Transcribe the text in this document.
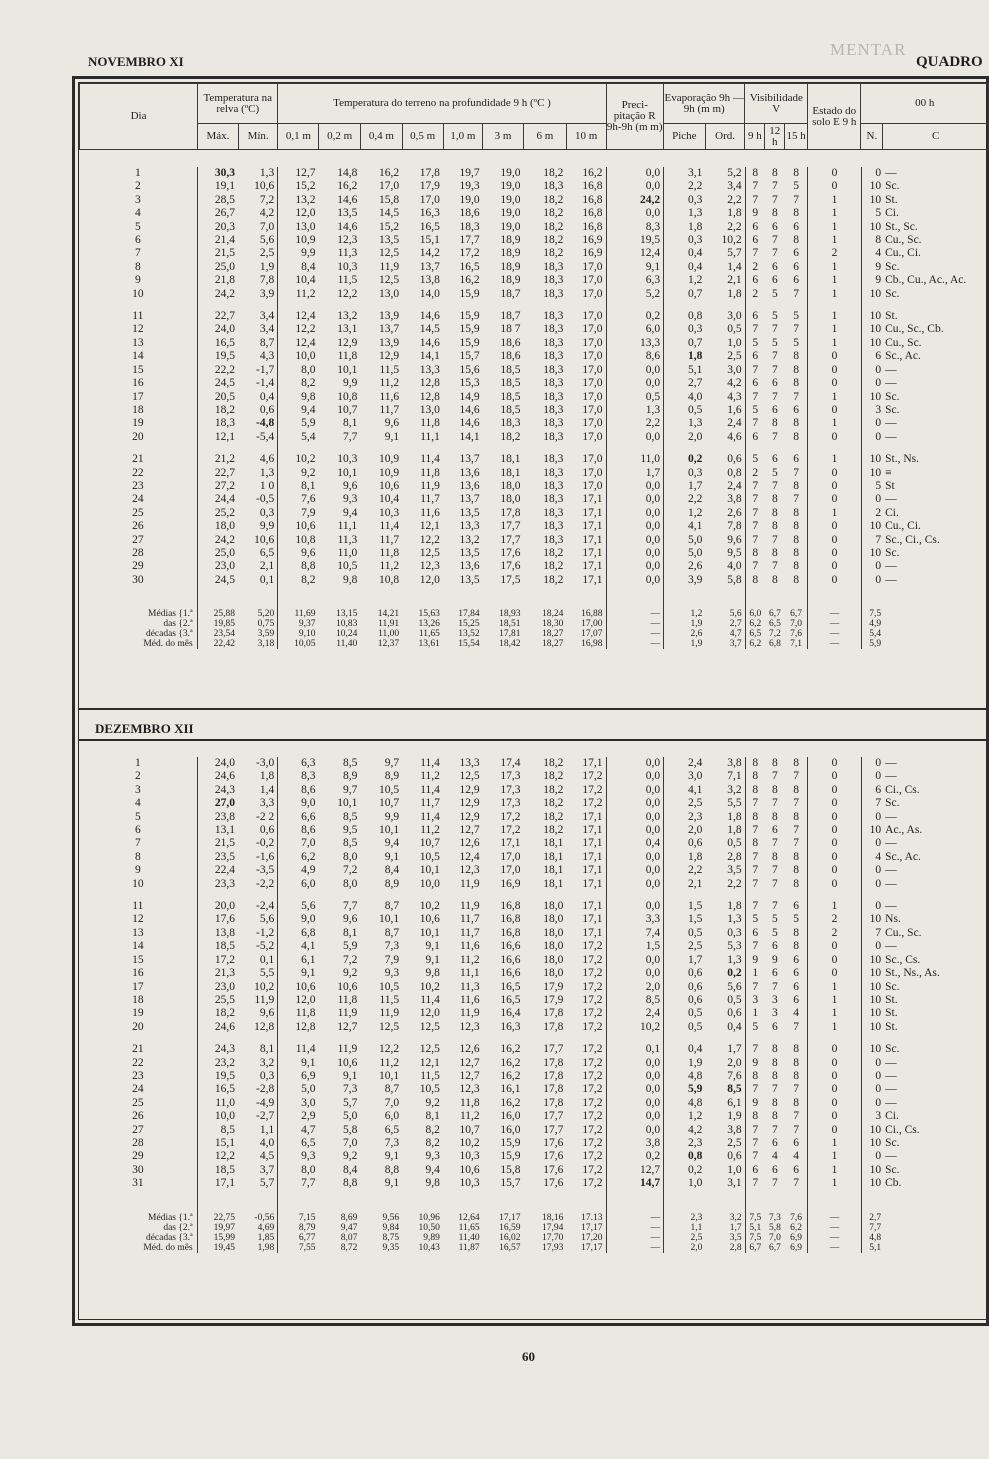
MENTAR
NOVEMBRO XI	QUADRO
Dia	Temperatura na relva (ºC)		Temperatura do terreno na profundidade 9 h (ºC )								Preci-pitação R 9h-9h (m m)	Evaporação 9h — 9h (m m)		Visibilidade V			Estado do solo E 9 h	00 h	
	Máx.	Mín.	0,1 m	0,2 m	0,4 m	0,5 m	1,0 m	3 m	6 m	10 m		Piche	Ord.	9 h	12 h	15 h		N.	C
1	30,3	1,3	12,7	14,8	16,2	17,8	19,7	19,0	18,2	16,2	0,0	3,1	5,2	8	8	8	0	0	—
2	19,1	10,6	15,2	16,2	17,0	17,9	19,3	19,0	18,3	16,8	0,0	2,2	3,4	7	7	5	0	10	Sc.
3	28,5	7,2	13,2	14,6	15,8	17,0	19,0	19,0	18,2	16,8	24,2	0,3	2,2	7	7	7	1	10	St.
4	26,7	4,2	12,0	13,5	14,5	16,3	18,6	19,0	18,2	16,8	0,0	1,3	1,8	9	8	8	1	5	Ci.
5	20,3	7,0	13,0	14,6	15,2	16,5	18,3	19,0	18,2	16,8	8,3	1,8	2,2	6	6	6	1	10	St., Sc.
6	21,4	5,6	10,9	12,3	13,5	15,1	17,7	18,9	18,2	16,9	19,5	0,3	10,2	6	7	8	1	8	Cu., Sc.
7	21,5	2,5	9,9	11,3	12,5	14,2	17,2	18,9	18,2	16,9	12,4	0,4	5,7	7	7	6	2	4	Cu., Ci.
8	25,0	1,9	8,4	10,3	11,9	13,7	16,5	18,9	18,3	17,0	9,1	0,4	1,4	2	6	6	1	9	Sc.
9	21,8	7,8	10,4	11,5	12,5	13,8	16,2	18,9	18,3	17,0	6,3	1,2	2,1	6	6	6	1	9	Cb., Cu., Ac., Ac.
10	24,2	3,9	11,2	12,2	13,0	14,0	15,9	18,7	18,3	17,0	5,2	0,7	1,8	2	5	7	1	10	Sc.

11	22,7	3,4	12,4	13,2	13,9	14,6	15,9	18,7	18,3	17,0	0,2	0,8	3,0	6	5	5	1	10	St.
12	24,0	3,4	12,2	13,1	13,7	14,5	15,9	18 7	18,3	17,0	6,0	0,3	0,5	7	7	7	1	10	Cu., Sc., Cb.
13	16,5	8,7	12,4	12,9	13,9	14,6	15,9	18,6	18,3	17,0	13,3	0,7	1,0	5	5	5	1	10	Cu., Sc.
14	19,5	4,3	10,0	11,8	12,9	14,1	15,7	18,6	18,3	17,0	8,6	1,8	2,5	6	7	8	0	6	Sc., Ac.
15	22,2	-1,7	8,0	10,1	11,5	13,3	15,6	18,5	18,3	17,0	0,0	5,1	3,0	7	7	8	0	0	—
16	24,5	-1,4	8,2	9,9	11,2	12,8	15,3	18,5	18,3	17,0	0,0	2,7	4,2	6	6	8	0	0	—
17	20,5	0,4	9,8	10,8	11,6	12,8	14,9	18,5	18,3	17,0	0,5	4,0	4,3	7	7	7	1	10	Sc.
18	18,2	0,6	9,4	10,7	11,7	13,0	14,6	18,5	18,3	17,0	1,3	0,5	1,6	5	6	6	0	3	Sc.
19	18,3	-4,8	5,9	8,1	9,6	11,8	14,6	18,3	18,3	17,0	2,2	1,3	2,4	7	8	8	1	0	—
20	12,1	-5,4	5,4	7,7	9,1	11,1	14,1	18,2	18,3	17,0	0,0	2,0	4,6	6	7	8	0	0	—

21	21,2	4,6	10,2	10,3	10,9	11,4	13,7	18,1	18,3	17,0	11,0	0,2	0,6	5	6	6	1	10	St., Ns.
22	22,7	1,3	9,2	10,1	10,9	11,8	13,6	18,1	18,3	17,0	1,7	0,3	0,8	2	5	7	0	10	≡
23	27,2	1 0	8,1	9,6	10,6	11,9	13,6	18,0	18,3	17,0	0,0	1,7	2,4	7	7	8	0	5	St
24	24,4	-0,5	7,6	9,3	10,4	11,7	13,7	18,0	18,3	17,1	0,0	2,2	3,8	7	8	7	0	0	—
25	25,2	0,3	7,9	9,4	10,3	11,6	13,5	17,8	18,3	17,1	0,0	1,2	2,6	7	8	8	1	2	Ci.
26	18,0	9,9	10,6	11,1	11,4	12,1	13,3	17,7	18,3	17,1	0,0	4,1	7,8	7	8	8	0	10	Cu., Ci.
27	24,2	10,6	10,8	11,3	11,7	12,2	13,2	17,7	18,3	17,1	0,0	5,0	9,6	7	7	8	0	7	Sc., Ci., Cs.
28	25,0	6,5	9,6	11,0	11,8	12,5	13,5	17,6	18,2	17,1	0,0	5,0	9,5	8	8	8	0	10	Sc.
29	23,0	2,1	8,8	10,5	11,2	12,3	13,6	17,6	18,2	17,1	0,0	2,6	4,0	7	7	8	0	0	—
30	24,5	0,1	8,2	9,8	10,8	12,0	13,5	17,5	18,2	17,1	0,0	3,9	5,8	8	8	8	0	0	—

Médias {1.ª	25,88	5,20	11,69	13,15	14,21	15,63	17,84	18,93	18,24	16,88	—	1,2	5,6	6,0	6,7	6,7	—	7,5	
das {2.ª	19,85	0,75	9,37	10,83	11,91	13,26	15,25	18,51	18,30	17,00	—	1,9	2,7	6,2	6,5	7,0	—	4,9	
décadas {3.ª	23,54	3,59	9,10	10,24	11,00	11,65	13,52	17,81	18,27	17,07	—	2,6	4,7	6,5	7,2	7,6	—	5,4	
Méd. do mês	22,42	3,18	10,05	11,40	12,37	13,61	15,54	18,42	18,27	16,98	—	1,9	3,7	6,2	6,8	7,1	—	5,9	
DEZEMBRO XII
1	24,0	-3,0	6,3	8,5	9,7	11,4	13,3	17,4	18,2	17,1	0,0	2,4	3,8	8	8	8	0	0	—
2	24,6	1,8	8,3	8,9	8,9	11,2	12,5	17,3	18,2	17,2	0,0	3,0	7,1	8	7	7	0	0	—
3	24,3	1,4	8,6	9,7	10,5	11,4	12,9	17,3	18,2	17,2	0,0	4,1	3,2	8	8	8	0	6	Ci., Cs.
4	27,0	3,3	9,0	10,1	10,7	11,7	12,9	17,3	18,2	17,2	0,0	2,5	5,5	7	7	7	0	7	Sc.
5	23,8	-2 2	6,6	8,5	9,9	11,4	12,9	17,2	18,2	17,1	0,0	2,3	1,8	8	8	8	0	0	—
6	13,1	0,6	8,6	9,5	10,1	11,2	12,7	17,2	18,2	17,1	0,0	2,0	1,8	7	6	7	0	10	Ac., As.
7	21,5	-0,2	7,0	8,5	9,4	10,7	12,6	17,1	18,1	17,1	0,4	0,6	0,5	8	7	7	0	0	—
8	23,5	-1,6	6,2	8,0	9,1	10,5	12,4	17,0	18,1	17,1	0,0	1,8	2,8	7	8	8	0	4	Sc., Ac.
9	22,4	-3,5	4,9	7,2	8,4	10,1	12,3	17,0	18,1	17,1	0,0	2,2	3,5	7	7	8	0	0	—
10	23,3	-2,2	6,0	8,0	8,9	10,0	11,9	16,9	18,1	17,1	0,0	2,1	2,2	7	7	8	0	0	—

11	20,0	-2,4	5,6	7,7	8,7	10,2	11,9	16,8	18,0	17,1	0,0	1,5	1,8	7	7	6	1	0	—
12	17,6	5,6	9,0	9,6	10,1	10,6	11,7	16,8	18,0	17,1	3,3	1,5	1,3	5	5	5	2	10	Ns.
13	13,8	-1,2	6,8	8,1	8,7	10,1	11,7	16,8	18,0	17,1	7,4	0,5	0,3	6	5	8	2	7	Cu., Sc.
14	18,5	-5,2	4,1	5,9	7,3	9,1	11,6	16,6	18,0	17,2	1,5	2,5	5,3	7	6	8	0	0	—
15	17,2	0,1	6,1	7,2	7,9	9,1	11,2	16,6	18,0	17,2	0,0	1,7	1,3	9	9	6	0	10	Sc., Cs.
16	21,3	5,5	9,1	9,2	9,3	9,8	11,1	16,6	18,0	17,2	0,0	0,6	0,2	1	6	6	0	10	St., Ns., As.
17	23,0	10,2	10,6	10,6	10,5	10,2	11,3	16,5	17,9	17,2	2,0	0,6	5,6	7	7	6	1	10	Sc.
18	25,5	11,9	12,0	11,8	11,5	11,4	11,6	16,5	17,9	17,2	8,5	0,6	0,5	3	3	6	1	10	St.
19	18,2	9,6	11,8	11,9	11,9	12,0	11,9	16,4	17,8	17,2	2,4	0,5	0,6	1	3	4	1	10	St.
20	24,6	12,8	12,8	12,7	12,5	12,5	12,3	16,3	17,8	17,2	10,2	0,5	0,4	5	6	7	1	10	St.

21	24,3	8,1	11,4	11,9	12,2	12,5	12,6	16,2	17,7	17,2	0,1	0,4	1,7	7	8	8	0	10	Sc.
22	23,2	3,2	9,1	10,6	11,2	12,1	12,7	16,2	17,8	17,2	0,0	1,9	2,0	9	8	8	0	0	—
23	19,5	0,3	6,9	9,1	10,1	11,5	12,7	16,2	17,8	17,2	0,0	4,8	7,6	8	8	8	0	0	—
24	16,5	-2,8	5,0	7,3	8,7	10,5	12,3	16,1	17,8	17,2	0,0	5,9	8,5	7	7	7	0	0	—
25	11,0	-4,9	3,0	5,7	7,0	9,2	11,8	16,2	17,8	17,2	0,0	4,8	6,1	9	8	8	0	0	—
26	10,0	-2,7	2,9	5,0	6,0	8,1	11,2	16,0	17,7	17,2	0,0	1,2	1,9	8	8	7	0	3	Ci.
27	8,5	1,1	4,7	5,8	6,5	8,2	10,7	16,0	17,7	17,2	0,0	4,2	3,8	7	7	7	0	10	Ci., Cs.
28	15,1	4,0	6,5	7,0	7,3	8,2	10,2	15,9	17,6	17,2	3,8	2,3	2,5	7	6	6	1	10	Sc.
29	12,2	4,5	9,3	9,2	9,1	9,3	10,3	15,9	17,6	17,2	0,2	0,8	0,6	7	4	4	1	0	—
30	18,5	3,7	8,0	8,4	8,8	9,4	10,6	15,8	17,6	17,2	12,7	0,2	1,0	6	6	6	1	10	Sc.
31	17,1	5,7	7,7	8,8	9,1	9,8	10,3	15,7	17,6	17,2	14,7	1,0	3,1	7	7	7	1	10	Cb.

Médias {1.ª	22,75	-0,56	7,15	8,69	9,56	10,96	12,64	17,17	18,16	17.13	—	2,3	3,2	7,5	7,3	7,6	—	2,7	
das {2.ª	19,97	4,69	8,79	9,47	9,84	10,50	11,65	16,59	17,94	17,17	—	1,1	1,7	5,1	5,8	6,2	—	7,7	
décadas {3.ª	15,99	1,85	6,77	8,07	8,75	9,89	11,40	16,02	17,70	17,20	—	2,5	3,5	7,5	7,0	6,9	—	4,8	
Méd. do mês	19,45	1,98	7,55	8,72	9,35	10,43	11,87	16,57	17,93	17,17	—	2,0	2,8	6,7	6,7	6,9	—	5,1	
60
